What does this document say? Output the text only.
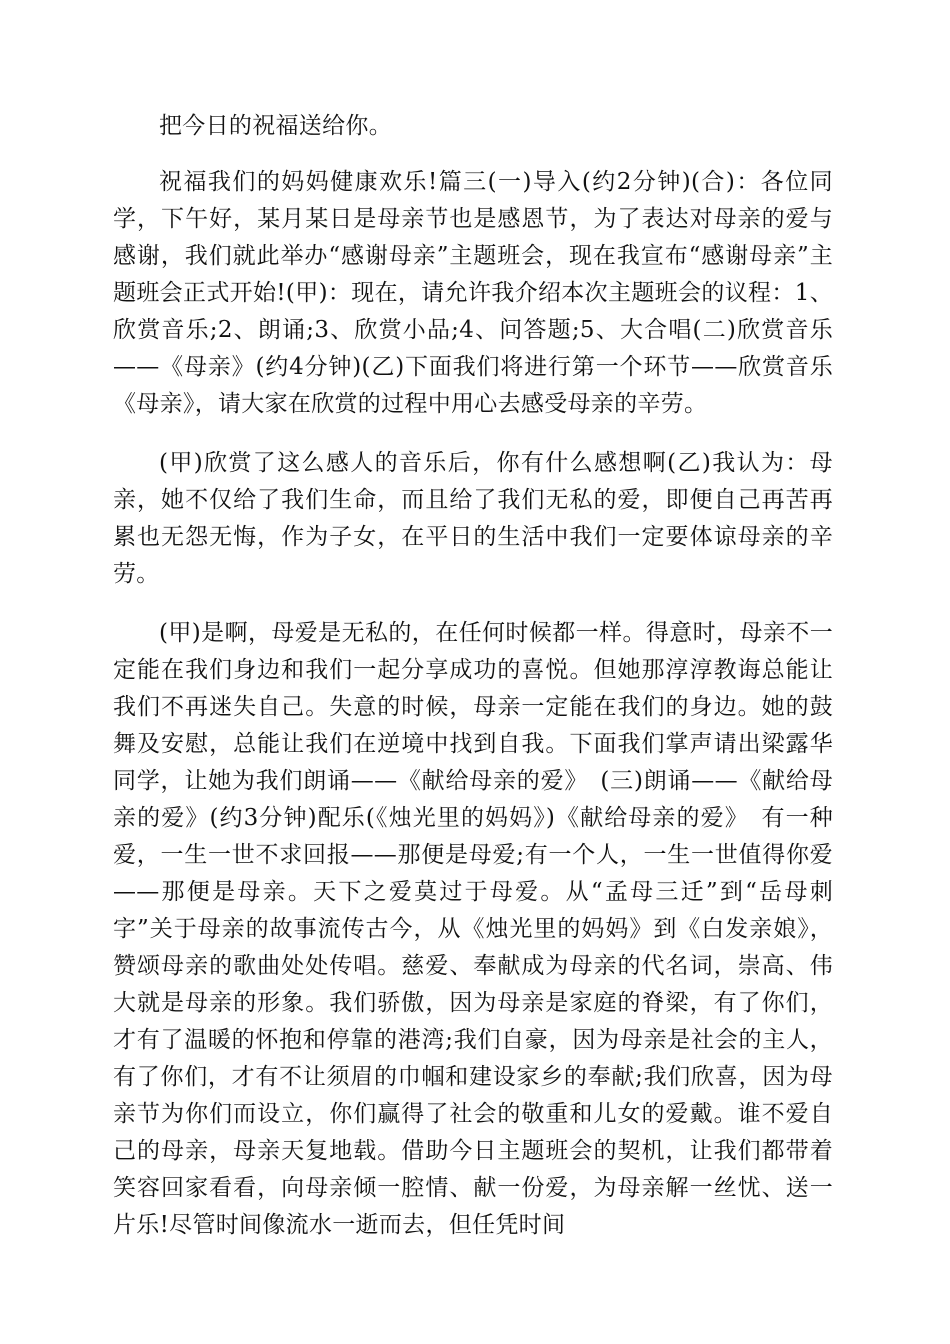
把今日的祝福送给你。

祝福我们的妈妈健康欢乐!篇三(一)导入(约2分钟)(合)：各位同学，下午好，某月某日是母亲节也是感恩节，为了表达对母亲的爱与感谢，我们就此举办“感谢母亲”主题班会，现在我宣布“感谢母亲”主题班会正式开始!(甲)：现在，请允许我介绍本次主题班会的议程：1、欣赏音乐;2、朗诵;3、欣赏小品;4、问答题;5、大合唱(二)欣赏音乐——《母亲》(约4分钟)(乙)下面我们将进行第一个环节——欣赏音乐《母亲》，请大家在欣赏的过程中用心去感受母亲的辛劳。

(甲)欣赏了这么感人的音乐后，你有什么感想啊(乙)我认为：母亲，她不仅给了我们生命，而且给了我们无私的爱，即便自己再苦再累也无怨无悔，作为子女，在平日的生活中我们一定要体谅母亲的辛劳。

(甲)是啊，母爱是无私的，在任何时候都一样。得意时，母亲不一定能在我们身边和我们一起分享成功的喜悦。但她那淳淳教诲总能让我们不再迷失自己。失意的时候，母亲一定能在我们的身边。她的鼓舞及安慰，总能让我们在逆境中找到自我。下面我们掌声请出梁露华同学，让她为我们朗诵——《献给母亲的爱》　(三)朗诵——《献给母亲的爱》(约3分钟)配乐(《烛光里的妈妈》)《献给母亲的爱》　有一种爱，一生一世不求回报——那便是母爱;有一个人，一生一世值得你爱——那便是母亲。天下之爱莫过于母爱。从“孟母三迁”到“岳母刺字”关于母亲的故事流传古今，从《烛光里的妈妈》到《白发亲娘》，赞颂母亲的歌曲处处传唱。慈爱、奉献成为母亲的代名词，崇高、伟大就是母亲的形象。我们骄傲，因为母亲是家庭的脊梁，有了你们，才有了温暖的怀抱和停靠的港湾;我们自豪，因为母亲是社会的主人，有了你们，才有不让须眉的巾帼和建设家乡的奉献;我们欣喜，因为母亲节为你们而设立，你们赢得了社会的敬重和儿女的爱戴。谁不爱自己的母亲，母亲天复地载。借助今日主题班会的契机，让我们都带着笑容回家看看，向母亲倾一腔情、献一份爱，为母亲解一丝忧、送一片乐!尽管时间像流水一逝而去，但任凭时间
